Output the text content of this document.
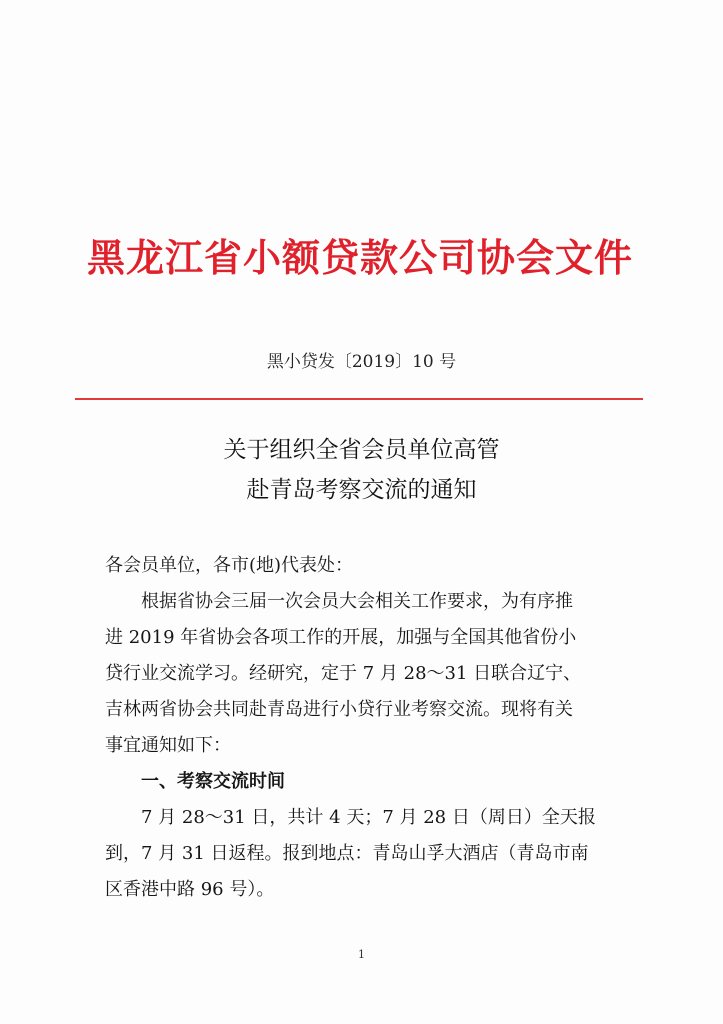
黑龙江省小额贷款公司协会文件
黑小贷发〔2019〕10 号
关于组织全省会员单位高管
赴青岛考察交流的通知
各会员单位，各市(地)代表处：
根据省协会三届一次会员大会相关工作要求，为有序推
进 2019 年省协会各项工作的开展，加强与全国其他省份小
贷行业交流学习。经研究，定于 7 月 28～31 日联合辽宁、
吉林两省协会共同赴青岛进行小贷行业考察交流。现将有关
事宜通知如下：
一、考察交流时间
7 月 28～31 日，共计 4 天；7 月 28 日（周日）全天报
到，7 月 31 日返程。报到地点：青岛山孚大酒店（青岛市南
区香港中路 96 号）。
1
